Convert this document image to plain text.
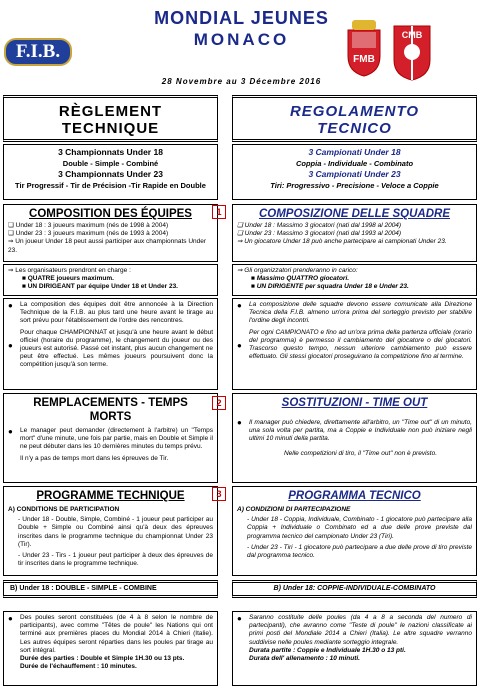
F.I.B.
MONDIAL JEUNES
MONACO
28 Novembre au 3 Décembre 2016
FMB
CMB
RÈGLEMENT
TECHNIQUE
REGOLAMENTO
TECNICO
3 Championnats Under 18
Double - Simple - Combiné
3 Championnats Under 23
Tir Progressif - Tir de Précision -Tir Rapide en Double
3 Campionati Under 18
Coppia - Individuale - Combinato
3 Campionati Under 23
Tiri: Progressivo - Precisione - Veloce a Coppie
COMPOSITION DES ÉQUIPES
❏ Under 18 : 3 joueurs maximum (nés de 1998 à 2004)
❏ Under 23 : 3 joueurs maximum (nés de 1993 à 2004)
⇒ Un joueur Under 18 peut aussi participer aux championnats Under 23.
1	COMPOSIZIONE DELLE SQUADRE
❏ Under 18 : Massimo 3 giocatori (nati dal 1998 al 2004)
❏ Under 23 : Massimo 3 giocatori (nati dal 1993 al 2004)
⇒ Un giocatore Under 18 può anche partecipare ai campionati Under 23.
⇒ Les organisateurs prendront en charge :
■ QUATRE joueurs maximum.
■ UN DIRIGEANT par équipe Under 18 et Under 23.
⇒ Gli organizzatori prenderanno in carico:
■ Massimo QUATTRO giocatori.
■ UN DIRIGENTE per squadra Under 18 e Under 23.
● La composition des équipes doit être annoncée à la Direction Technique de la F.I.B. au plus tard une heure avant le tirage au sort prévu pour l'établissement de l'ordre des rencontres.
●
Pour chaque CHAMPIONNAT et jusqu'à une heure avant le début officiel (horaire du programme), le changement du joueur ou des joueurs est autorisé. Passé cet instant, plus aucun changement ne peut être effectué. Les mêmes joueurs poursuivent donc la compétition jusqu'à son terme.
● La composizione delle squadre devono essere comunicate alla Direzione Tecnica della F.I.B. almeno un'ora prima del sorteggio previsto per stabilire l'ordine degli incontri.
●
Per ogni CAMPIONATO e fino ad un'ora prima della partenza ufficiale (orario del programma) è permesso il cambiamento del giocatore o dei giocatori. Trascorso questo tempo, nessun ulteriore cambiamento può essere effettuato. Gli stessi giocatori proseguirano la competizione fino al termine.
REMPLACEMENTS - TEMPS
MORTS
● Le manager peut demander (directement à l'arbitre) un "Temps mort" d'une minute, une fois par partie, mais en Double et Simple il ne peut débuter dans les 10 dernières minutes du temps prévu.
Il n'y a pas de temps mort dans les épreuves de Tir.
2	SOSTITUZIONI - TIME OUT
● Il manager può chiedere, direttamente all'arbitro, un "Time out" di un minuto, una sola volta per partita, ma a Coppie e Individuale non può iniziare negli ultimi 10 minuti della partita.
Nelle competizioni di tiro, il "Time out" non è previsto.
PROGRAMME TECHNIQUE
A) CONDITIONS DE PARTICIPATION
- Under 18 - Double, Simple, Combiné - 1 joueur peut participer au Double + Simple ou Combiné ainsi qu'à deux des épreuves inscrites dans le programme technique du championnat Under 23 (Tir).
- Under 23 - Tirs - 1 joueur peut participer à deux des épreuves de tir inscrites dans le programme technique.
3	PROGRAMMA TECNICO
A) CONDIZIONI DI PARTECIPAZIONE
- Under 18 - Coppia, Individuale, Combinato - 1 giocatore può partecipare alla Coppia + Individuale o Combinato ed a due delle prove previste dal programma tecnico del campionato Under 23 (Tiri).
- Under 23 - Tiri - 1 giocatore può partecipare a due delle prove di tiro previste dal programma tecnico.
B) Under 18 : DOUBLE - SIMPLE - COMBINE	B) Under 18: COPPIE-INDIVIDUALE-COMBINATO
● Des poules seront constituées (de 4 à 8 selon le nombre de participants), avec comme "Têtes de poule" les Nations qui ont terminé aux premières places du Mondial 2014 à Chieri (Italie). Les autres équipes seront réparties dans les poules par tirage au sort intégral.
Durée des parties : Double et Simple 1H.30 ou 13 pts.
Durée de l'échauffement : 10 minutes.
● Saranno costituite delle poules (da 4 a 8 a seconda del numero di partecipanti), che avranno come "Teste di poule" le nazioni classificate ai primi posti del Mondiale 2014 a Chieri (Italia). Le altre squadre verranno suddivise nelle poules mediante sorteggio integrale.
Durata partite : Coppie e Individuale 1H.30 o 13 pti.
Durata dell' allenamento : 10 minuti.
